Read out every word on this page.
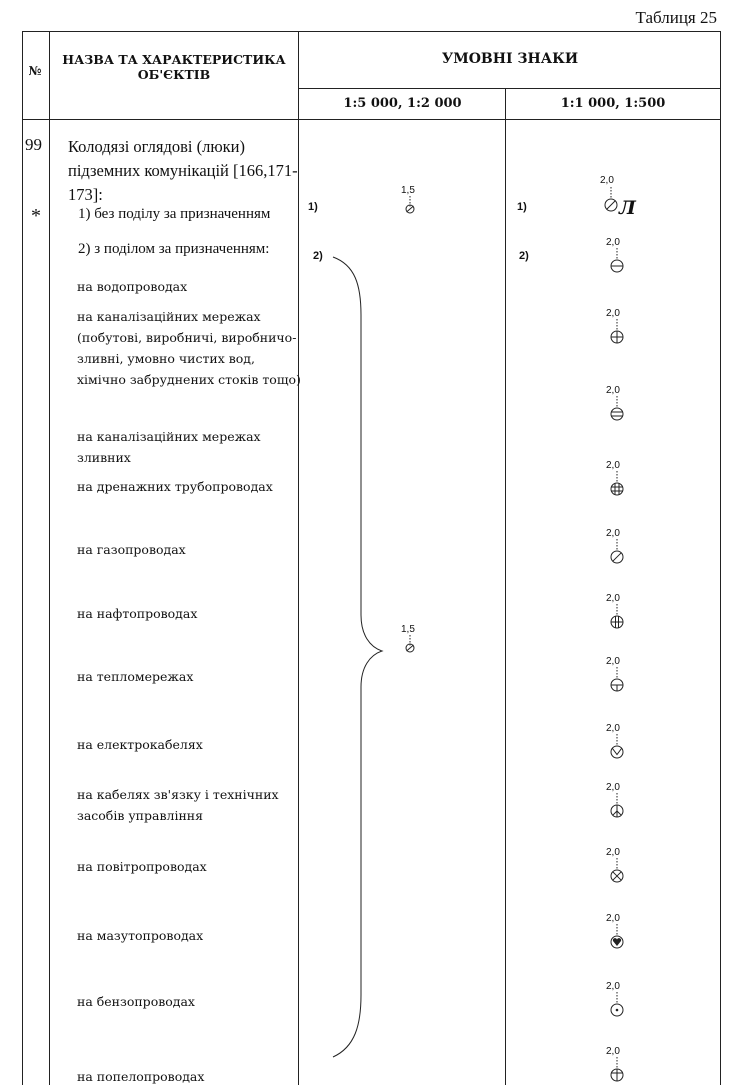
Таблиця 25
№
НАЗВА ТА ХАРАКТЕРИСТИКА ОБ'ЄКТІВ
УМОВНІ ЗНАКИ
1:5 000, 1:2 000	1:1 000, 1:500
99
*
Колодязі оглядові (люки) підземних комунікацій [166,171-173]:
1) без поділу за призначенням
2) з поділом за призначенням:
на водопроводах
на каналізаційних мережах (побутові, виробничі, виробничо-зливні, умовно чистих вод, хімічно забруднених стоків тощо)
на каналізаційних мережах зливних
на дренажних трубопроводах
на газопроводах
на нафтопроводах
на тепломережах
на електрокабелях
на кабелях зв'язку і технічних засобів управління
на повітропроводах
на мазутопроводах
на бензопроводах
на попелопроводах
1)
2)
1)
2)
1,5
1,5
2,0
Л
2,0
2,0
2,0
2,0
2,0
2,0
2,0
2,0
2,0
2,0
2,0
2,0
2,0
